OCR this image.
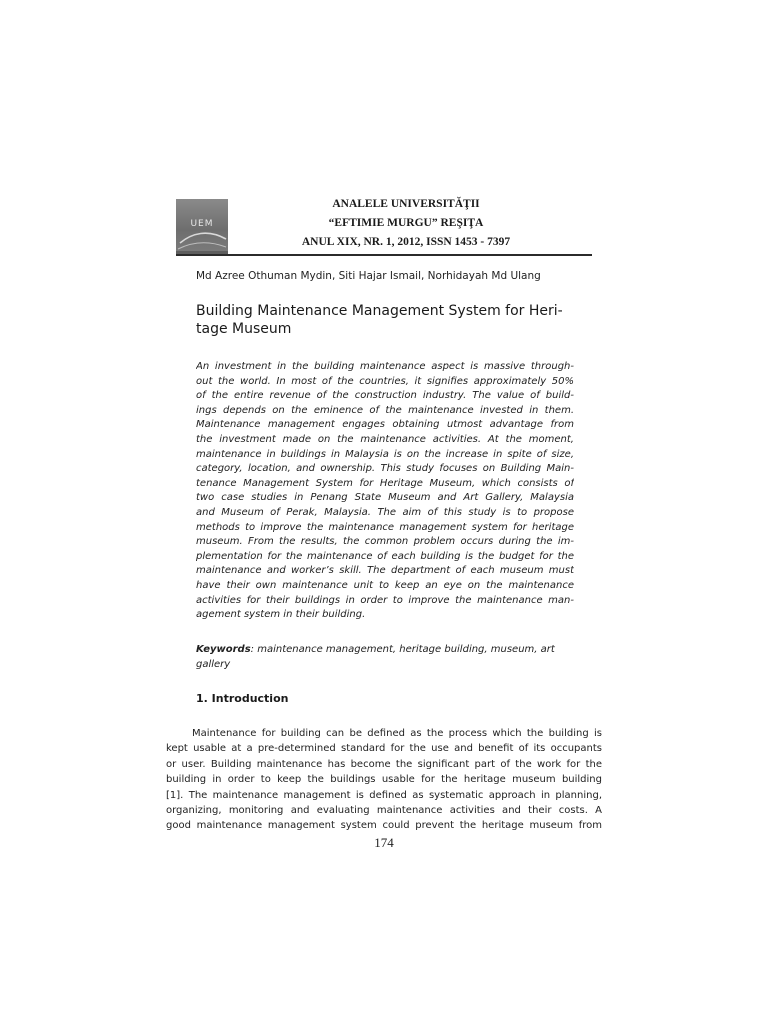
UEM
ANALELE UNIVERSITĂŢII
“EFTIMIE MURGU” REŞIŢA
ANUL XIX, NR. 1, 2012, ISSN 1453 - 7397
Md Azree Othuman Mydin, Siti Hajar Ismail, Norhidayah Md Ulang
Building Maintenance Management System for Heri-
tage Museum
An investment in the building maintenance aspect is massive through-
out the world. In most of the countries, it signifies approximately 50%
of the entire revenue of the construction industry. The value of build-
ings depends on the eminence of the maintenance invested in them.
Maintenance management engages obtaining utmost advantage from
the investment made on the maintenance activities. At the moment,
maintenance in buildings in Malaysia is on the increase in spite of size,
category, location, and ownership. This study focuses on Building Main-
tenance Management System for Heritage Museum, which consists of
two case studies in Penang State Museum and Art Gallery, Malaysia
and Museum of Perak, Malaysia. The aim of this study is to propose
methods to improve the maintenance management system for heritage
museum. From the results, the common problem occurs during the im-
plementation for the maintenance of each building is the budget for the
maintenance and worker’s skill. The department of each museum must
have their own maintenance unit to keep an eye on the maintenance
activities for their buildings in order to improve the maintenance man-
agement system in their building.
Keywords: maintenance management, heritage building, museum, art
gallery
1. Introduction
Maintenance for building can be defined as the process which the building is
kept usable at a pre-determined standard for the use and benefit of its occupants
or user. Building maintenance has become the significant part of the work for the
building in order to keep the buildings usable for the heritage museum building
[1]. The maintenance management is defined as systematic approach in planning,
organizing, monitoring and evaluating maintenance activities and their costs. A
good maintenance management system could prevent the heritage museum from
174
